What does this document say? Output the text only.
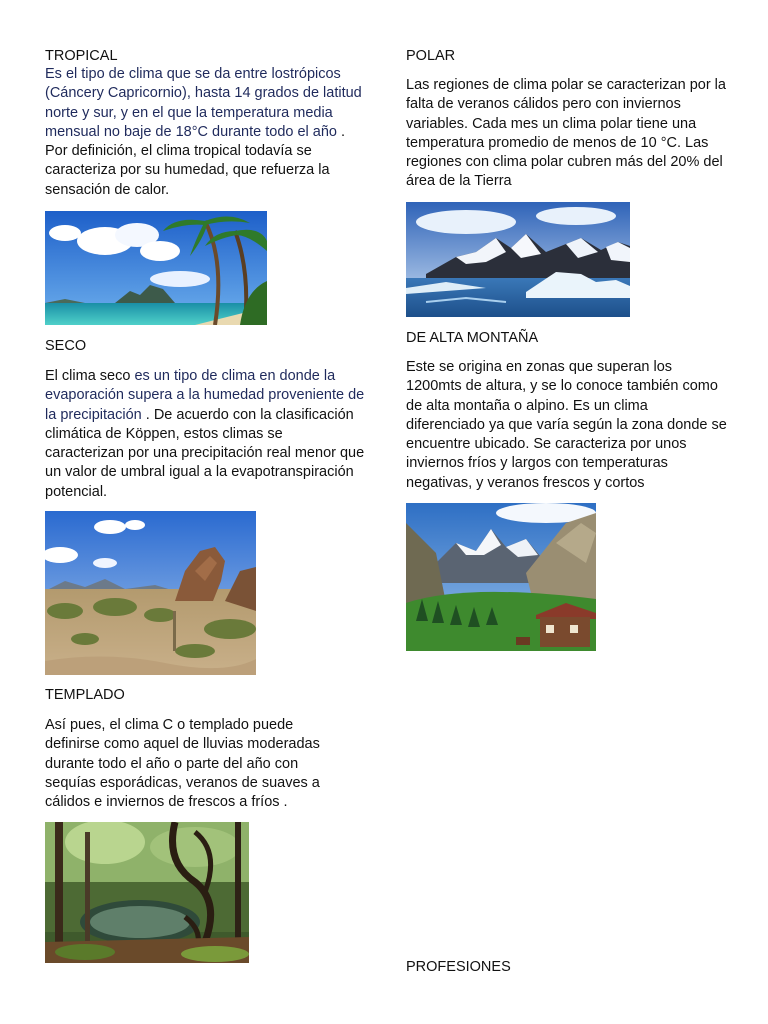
TROPICAL

Es el tipo de clima que se da entre lostrópicos (Cáncery Capricornio), hasta 14 grados de latitud norte y sur, y en el que la temperatura media mensual no baje de 18°C durante todo el año . Por definición, el clima tropical todavía se caracteriza por su humedad, que refuerza la sensación de calor.

SECO

El clima seco es un tipo de clima en donde la evaporación supera a la humedad proveniente de la precipitación . De acuerdo con la clasificación climática de Köppen, estos climas se caracterizan por una precipitación real menor que un valor de umbral igual a la evapotranspiración potencial.

TEMPLADO

Así pues, el clima C o templado puede definirse como aquel de lluvias moderadas durante todo el año o parte del año con sequías esporádicas, veranos de suaves a cálidos e inviernos de frescos a fríos .

POLAR

Las regiones de clima polar se caracterizan por la falta de veranos cálidos pero con inviernos variables. Cada mes un clima polar tiene una temperatura promedio de menos de 10 °C. Las regiones con clima polar cubren más del 20% del área de la Tierra

DE ALTA MONTAÑA

Este se origina en zonas que superan los 1200mts de altura, y se lo conoce también como de alta montaña o alpino. Es un clima diferenciado ya que varía según la zona donde se encuentre ubicado. Se caracteriza por unos inviernos fríos y largos con temperaturas negativas, y veranos frescos y cortos

PROFESIONES
